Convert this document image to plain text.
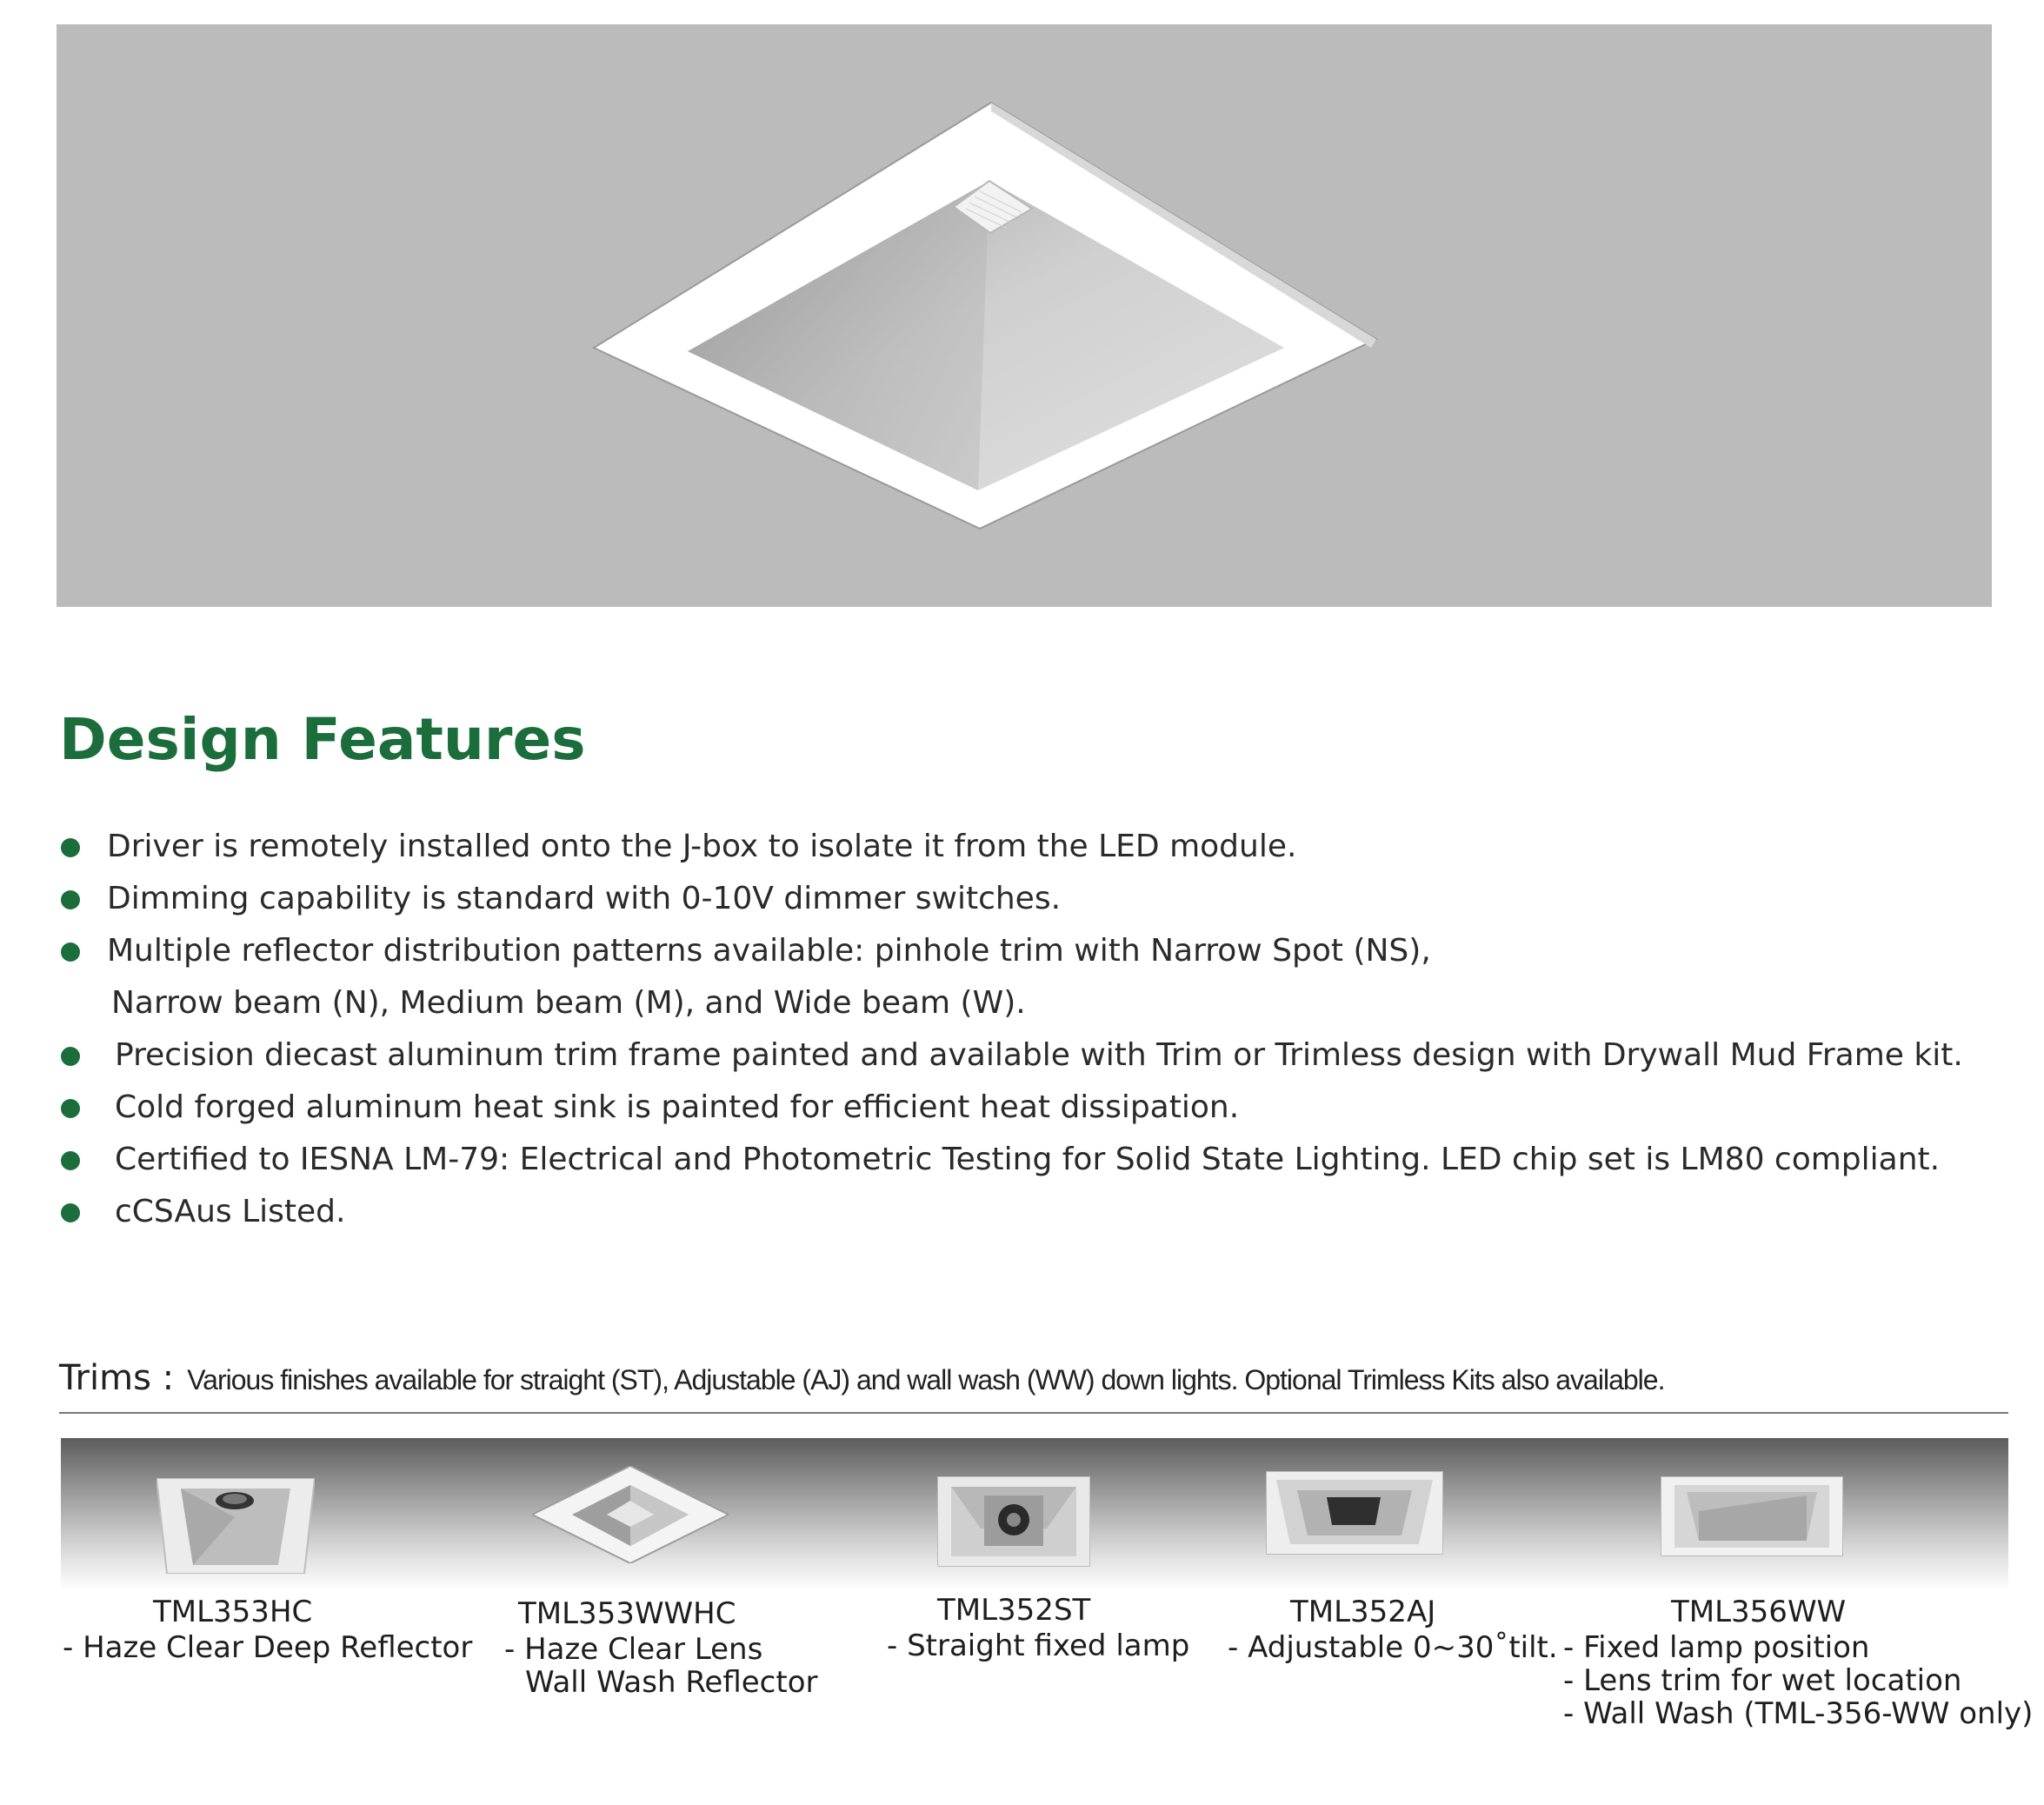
Design Features
Driver is remotely installed onto the J-box to isolate it from the LED module.
Dimming capability is standard with 0-10V dimmer switches.
Multiple reflector distribution patterns available: pinhole trim with Narrow Spot (NS),
Narrow beam (N), Medium beam (M), and Wide beam (W).
Precision diecast aluminum trim frame painted and available with Trim or Trimless design with Drywall Mud Frame kit.
Cold forged aluminum heat sink is painted for efficient heat dissipation.
Certified to IESNA LM-79: Electrical and Photometric Testing for Solid State Lighting. LED chip set is LM80 compliant.
cCSAus Listed.
Trims : Various finishes available for straight (ST), Adjustable (AJ) and wall wash (WW) down lights. Optional Trimless Kits also available.
TML353HC
- Haze Clear Deep Reflector
TML353WWHC
- Haze Clear Lens
Wall Wash Reflector
TML352ST
- Straight fixed lamp
TML352AJ
- Adjustable 0~30˚tilt.
TML356WW
- Fixed lamp position
- Lens trim for wet location
- Wall Wash (TML-356-WW only)
